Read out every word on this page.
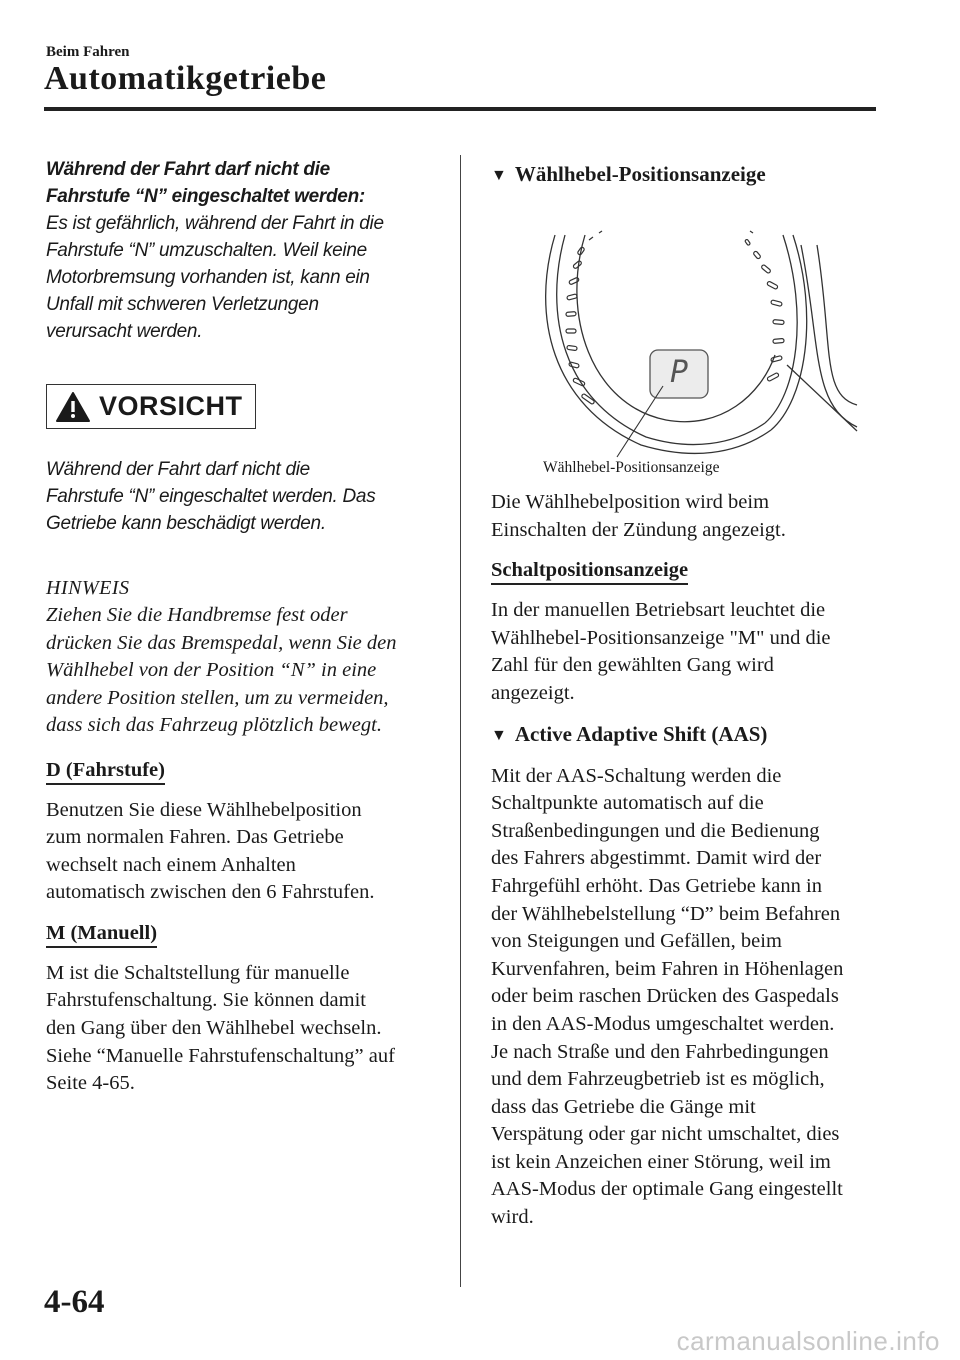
Beim Fahren
Automatikgetriebe
Während der Fahrt darf nicht die
Fahrstufe “N” eingeschaltet werden:
Es ist gefährlich, während der Fahrt in die
Fahrstufe “N” umzuschalten. Weil keine
Motorbremsung vorhanden ist, kann ein
Unfall mit schweren Verletzungen
verursacht werden.
VORSICHT
Während der Fahrt darf nicht die
Fahrstufe “N” eingeschaltet werden. Das
Getriebe kann beschädigt werden.
HINWEIS
Ziehen Sie die Handbremse fest oder
drücken Sie das Bremspedal, wenn Sie den
Wählhebel von der Position “N” in eine
andere Position stellen, um zu vermeiden,
dass sich das Fahrzeug plötzlich bewegt.
D (Fahrstufe)
Benutzen Sie diese Wählhebelposition
zum normalen Fahren. Das Getriebe
wechselt nach einem Anhalten
automatisch zwischen den 6 Fahrstufen.
M (Manuell)
M ist die Schaltstellung für manuelle
Fahrstufenschaltung. Sie können damit
den Gang über den Wählhebel wechseln.
Siehe “Manuelle Fahrstufenschaltung” auf
Seite 4-65.
▼ Wählhebel-Positionsanzeige
P
Wählhebel-Positionsanzeige
Die Wählhebelposition wird beim
Einschalten der Zündung angezeigt.
Schaltpositionsanzeige
In der manuellen Betriebsart leuchtet die
Wählhebel-Positionsanzeige "M" und die
Zahl für den gewählten Gang wird
angezeigt.
▼ Active Adaptive Shift (AAS)
Mit der AAS-Schaltung werden die
Schaltpunkte automatisch auf die
Straßenbedingungen und die Bedienung
des Fahrers abgestimmt. Damit wird der
Fahrgefühl erhöht. Das Getriebe kann in
der Wählhebelstellung “D” beim Befahren
von Steigungen und Gefällen, beim
Kurvenfahren, beim Fahren in Höhenlagen
oder beim raschen Drücken des Gaspedals
in den AAS-Modus umgeschaltet werden.
Je nach Straße und den Fahrbedingungen
und dem Fahrzeugbetrieb ist es möglich,
dass das Getriebe die Gänge mit
Verspätung oder gar nicht umschaltet, dies
ist kein Anzeichen einer Störung, weil im
AAS-Modus der optimale Gang eingestellt
wird.
4-64
carmanualsonline.info
